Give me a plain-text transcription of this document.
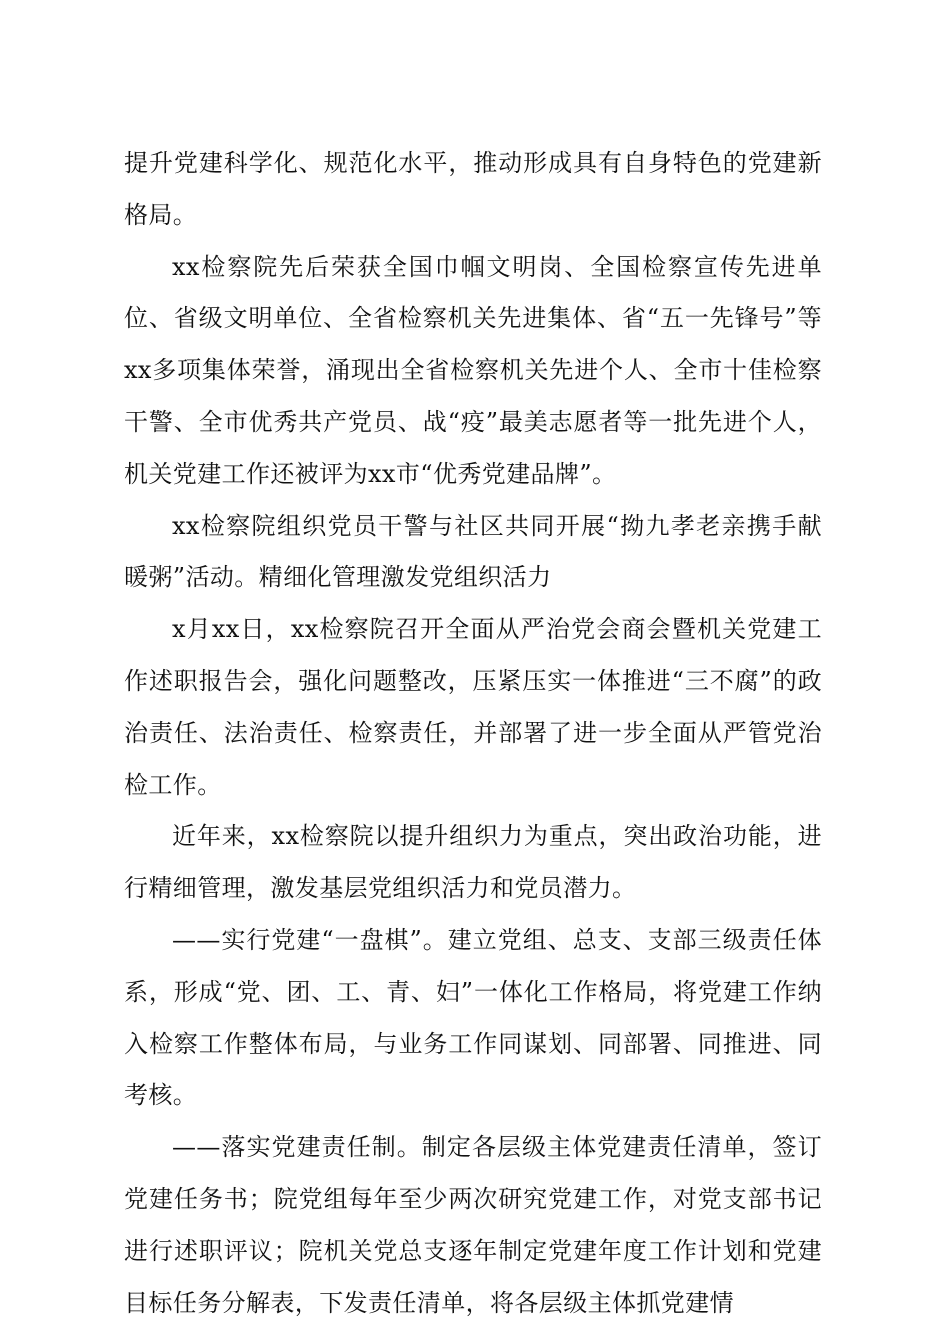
提升党建科学化、规范化水平，推动形成具有自身特色的党建新格局。

xx检察院先后荣获全国巾帼文明岗、全国检察宣传先进单位、省级文明单位、全省检察机关先进集体、省“五一先锋号”等xx多项集体荣誉，涌现出全省检察机关先进个人、全市十佳检察干警、全市优秀共产党员、战“疫”最美志愿者等一批先进个人，机关党建工作还被评为xx市“优秀党建品牌”。

xx检察院组织党员干警与社区共同开展“拗九孝老亲携手献暖粥”活动。精细化管理激发党组织活力

x月xx日，xx检察院召开全面从严治党会商会暨机关党建工作述职报告会，强化问题整改，压紧压实一体推进“三不腐”的政治责任、法治责任、检察责任，并部署了进一步全面从严管党治检工作。

近年来，xx检察院以提升组织力为重点，突出政治功能，进行精细管理，激发基层党组织活力和党员潜力。

——实行党建“一盘棋”。建立党组、总支、支部三级责任体系，形成“党、团、工、青、妇”一体化工作格局，将党建工作纳入检察工作整体布局，与业务工作同谋划、同部署、同推进、同考核。

——落实党建责任制。制定各层级主体党建责任清单，签订党建任务书；院党组每年至少两次研究党建工作，对党支部书记进行述职评议；院机关党总支逐年制定党建年度工作计划和党建目标任务分解表，下发责任清单，将各层级主体抓党建情
